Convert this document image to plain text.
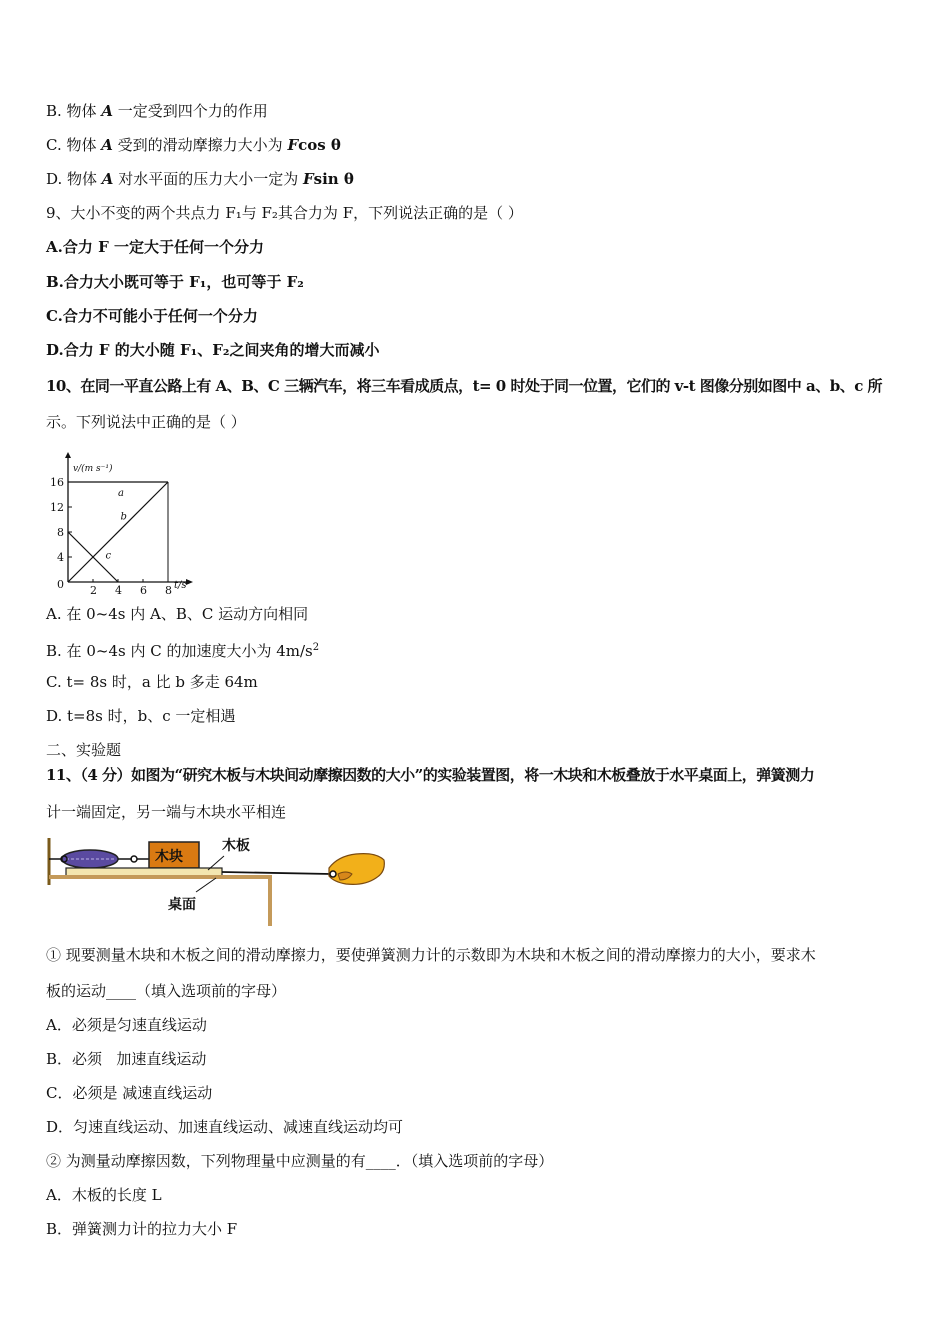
B. 物体 A 一定受到四个力的作用
C. 物体 A 受到的滑动摩擦力大小为 Fcos θ
D. 物体 A 对水平面的压力大小一定为 Fsin θ
9、大小不变的两个共点力 F₁与 F₂其合力为 F，下列说法正确的是（ ）
A.合力 F 一定大于任何一个分力
B.合力大小既可等于 F₁，也可等于 F₂
C.合力不可能小于任何一个分力
D.合力 F 的大小随 F₁、F₂之间夹角的增大而减小
10、在同一平直公路上有 A、B、C 三辆汽车，将三车看成质点，t= 0 时处于同一位置，它们的 v-t 图像分别如图中 a、b、c 所
示。下列说法中正确的是（ ）
v/(m s⁻¹)
t/s
0
4
8
12
16
2 4 6 8
a
b
c
A. 在 0~4s 内 A、B、C 运动方向相同
B. 在 0~4s 内 C 的加速度大小为 $4m/s^2$
C. t= 8s 时，a 比 b 多走 64m
D. t=8s 时，b、c 一定相遇
二、实验题
11、（4 分）如图为“研究木板与木块间动摩擦因数的大小”的实验装置图，将一木块和木板叠放于水平桌面上，弹簧测力
计一端固定，另一端与木块水平相连
木块
木板
桌面
① 现要测量木块和木板之间的滑动摩擦力，要使弹簧测力计的示数即为木块和木板之间的滑动摩擦力的大小，要求木
板的运动____（填入选项前的字母）
A．必须是匀速直线运动
B．必须   加速直线运动
C．必须是 减速直线运动
D．匀速直线运动、加速直线运动、减速直线运动均可
② 为测量动摩擦因数，下列物理量中应测量的有____．（填入选项前的字母）
A．木板的长度 L
B．弹簧测力计的拉力大小 F
